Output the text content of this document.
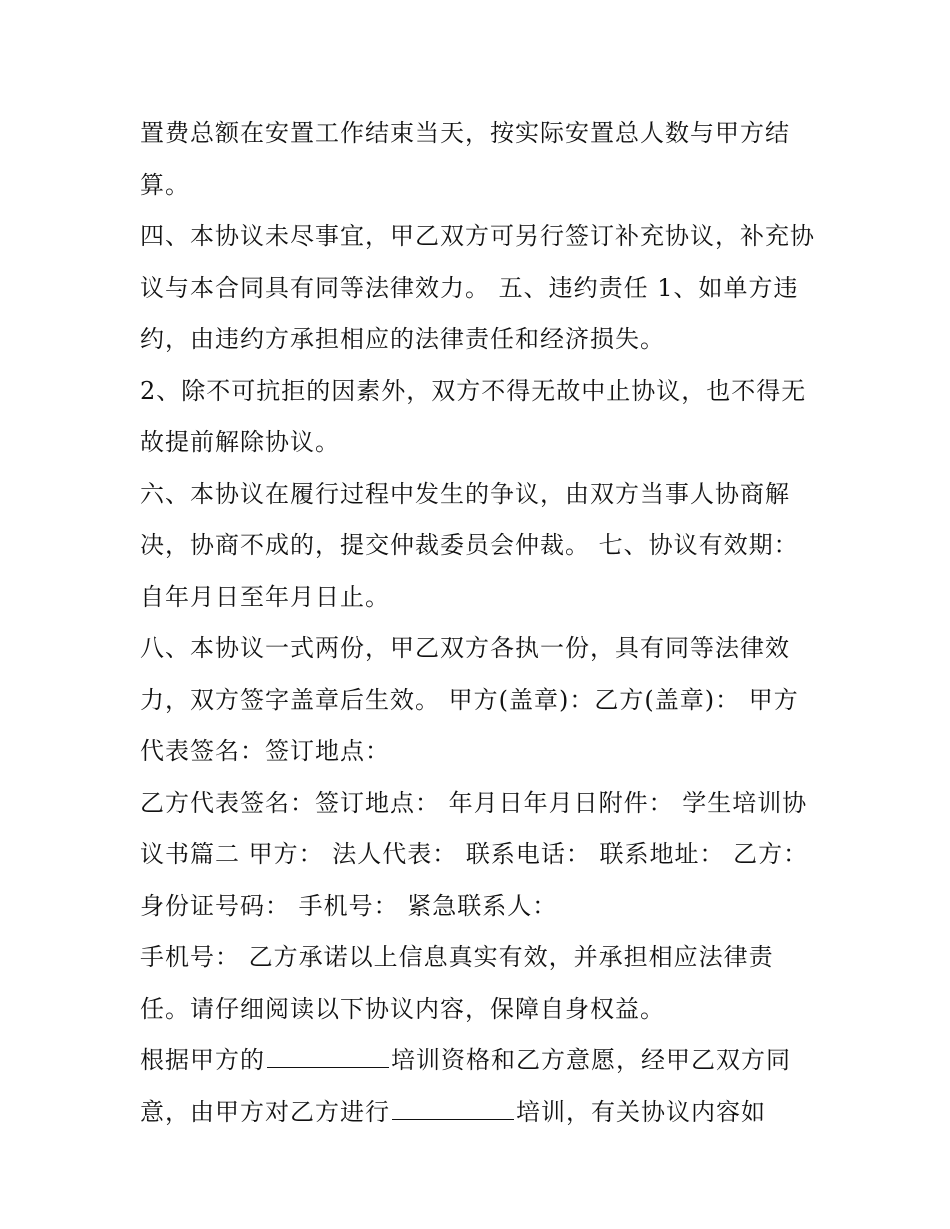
置费总额在安置工作结束当天，按实际安置总人数与甲方结
算。
四、本协议未尽事宜，甲乙双方可另行签订补充协议，补充协
议与本合同具有同等法律效力。 五、违约责任 1、如单方违
约，由违约方承担相应的法律责任和经济损失。
2、除不可抗拒的因素外，双方不得无故中止协议，也不得无
故提前解除协议。
六、本协议在履行过程中发生的争议，由双方当事人协商解
决，协商不成的，提交仲裁委员会仲裁。 七、协议有效期：
自年月日至年月日止。
八、本协议一式两份，甲乙双方各执一份，具有同等法律效
力，双方签字盖章后生效。 甲方(盖章)：乙方(盖章)： 甲方
代表签名：签订地点：
乙方代表签名：签订地点： 年月日年月日附件： 学生培训协
议书篇二 甲方： 法人代表： 联系电话： 联系地址： 乙方：
身份证号码： 手机号： 紧急联系人：
手机号： 乙方承诺以上信息真实有效，并承担相应法律责
任。请仔细阅读以下协议内容，保障自身权益。
根据甲方的	培训资格和乙方意愿，经甲乙双方同
意，由甲方对乙方进行	培训，有关协议内容如
